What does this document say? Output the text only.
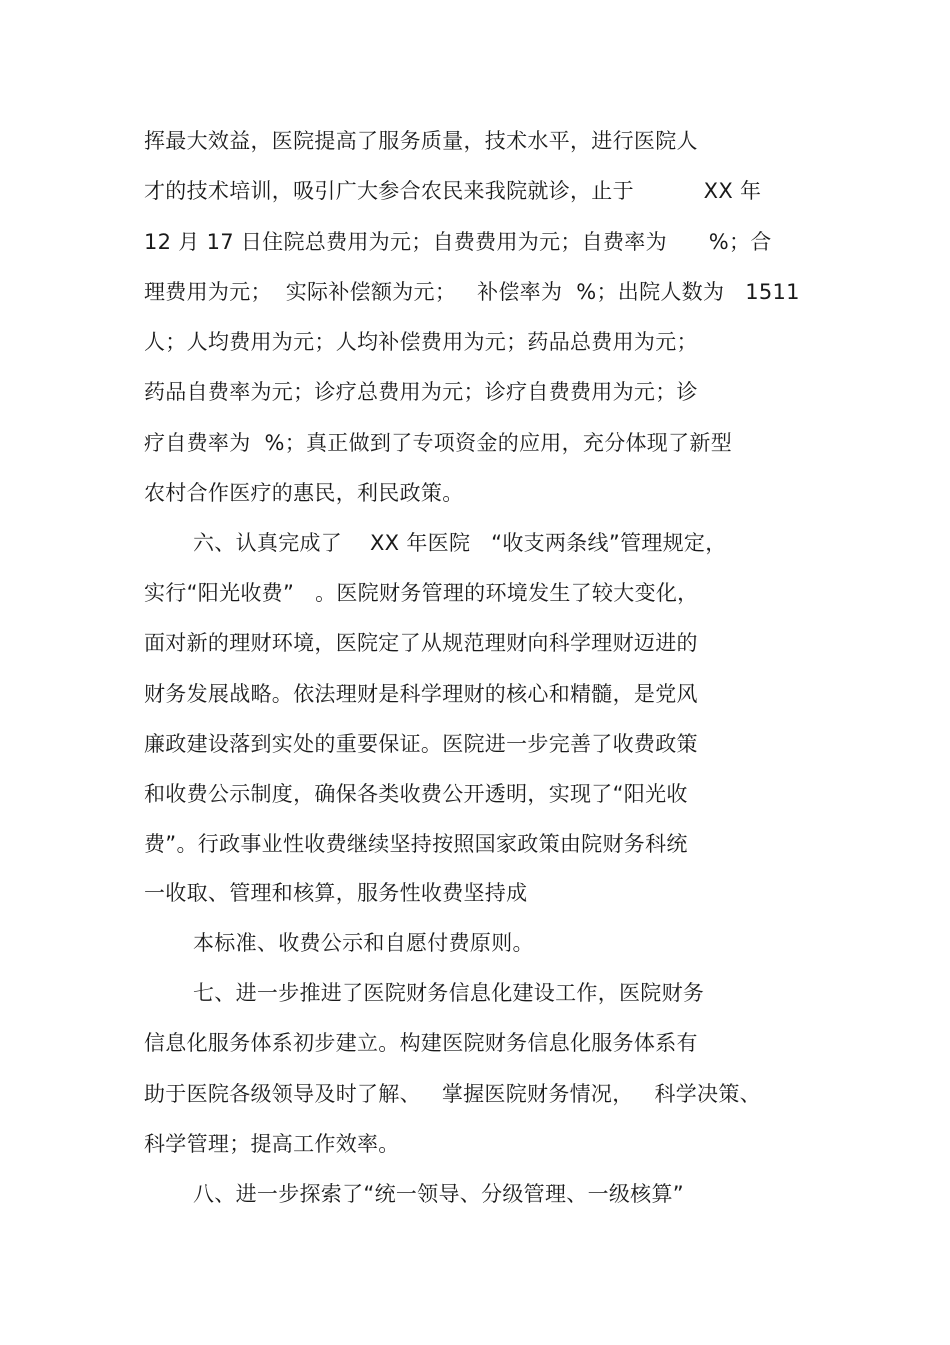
挥最大效益，医院提高了服务质量，技术水平，进行医院人
才的技术培训，吸引广大参合农民来我院就诊，止于          XX 年
12 月 17 日住院总费用为元；自费费用为元；自费率为      %；合
理费用为元；  实际补偿额为元；   补偿率为  %；出院人数为   1511
人；人均费用为元；人均补偿费用为元；药品总费用为元；
药品自费率为元；诊疗总费用为元；诊疗自费费用为元；诊
疗自费率为  %；真正做到了专项资金的应用，充分体现了新型
农村合作医疗的惠民，利民政策。
六、认真完成了    XX 年医院   “收支两条线”管理规定，
实行“阳光收费”   。医院财务管理的环境发生了较大变化，
面对新的理财环境，医院定了从规范理财向科学理财迈进的
财务发展战略。依法理财是科学理财的核心和精髓，是党风
廉政建设落到实处的重要保证。医院进一步完善了收费政策
和收费公示制度，确保各类收费公开透明，实现了“阳光收
费”。行政事业性收费继续坚持按照国家政策由院财务科统
一收取、管理和核算，服务性收费坚持成
本标准、收费公示和自愿付费原则。
七、进一步推进了医院财务信息化建设工作，医院财务
信息化服务体系初步建立。构建医院财务信息化服务体系有
助于医院各级领导及时了解、   掌握医院财务情况，   科学决策、
科学管理；提高工作效率。
八、进一步探索了“统一领导、分级管理、一级核算”
